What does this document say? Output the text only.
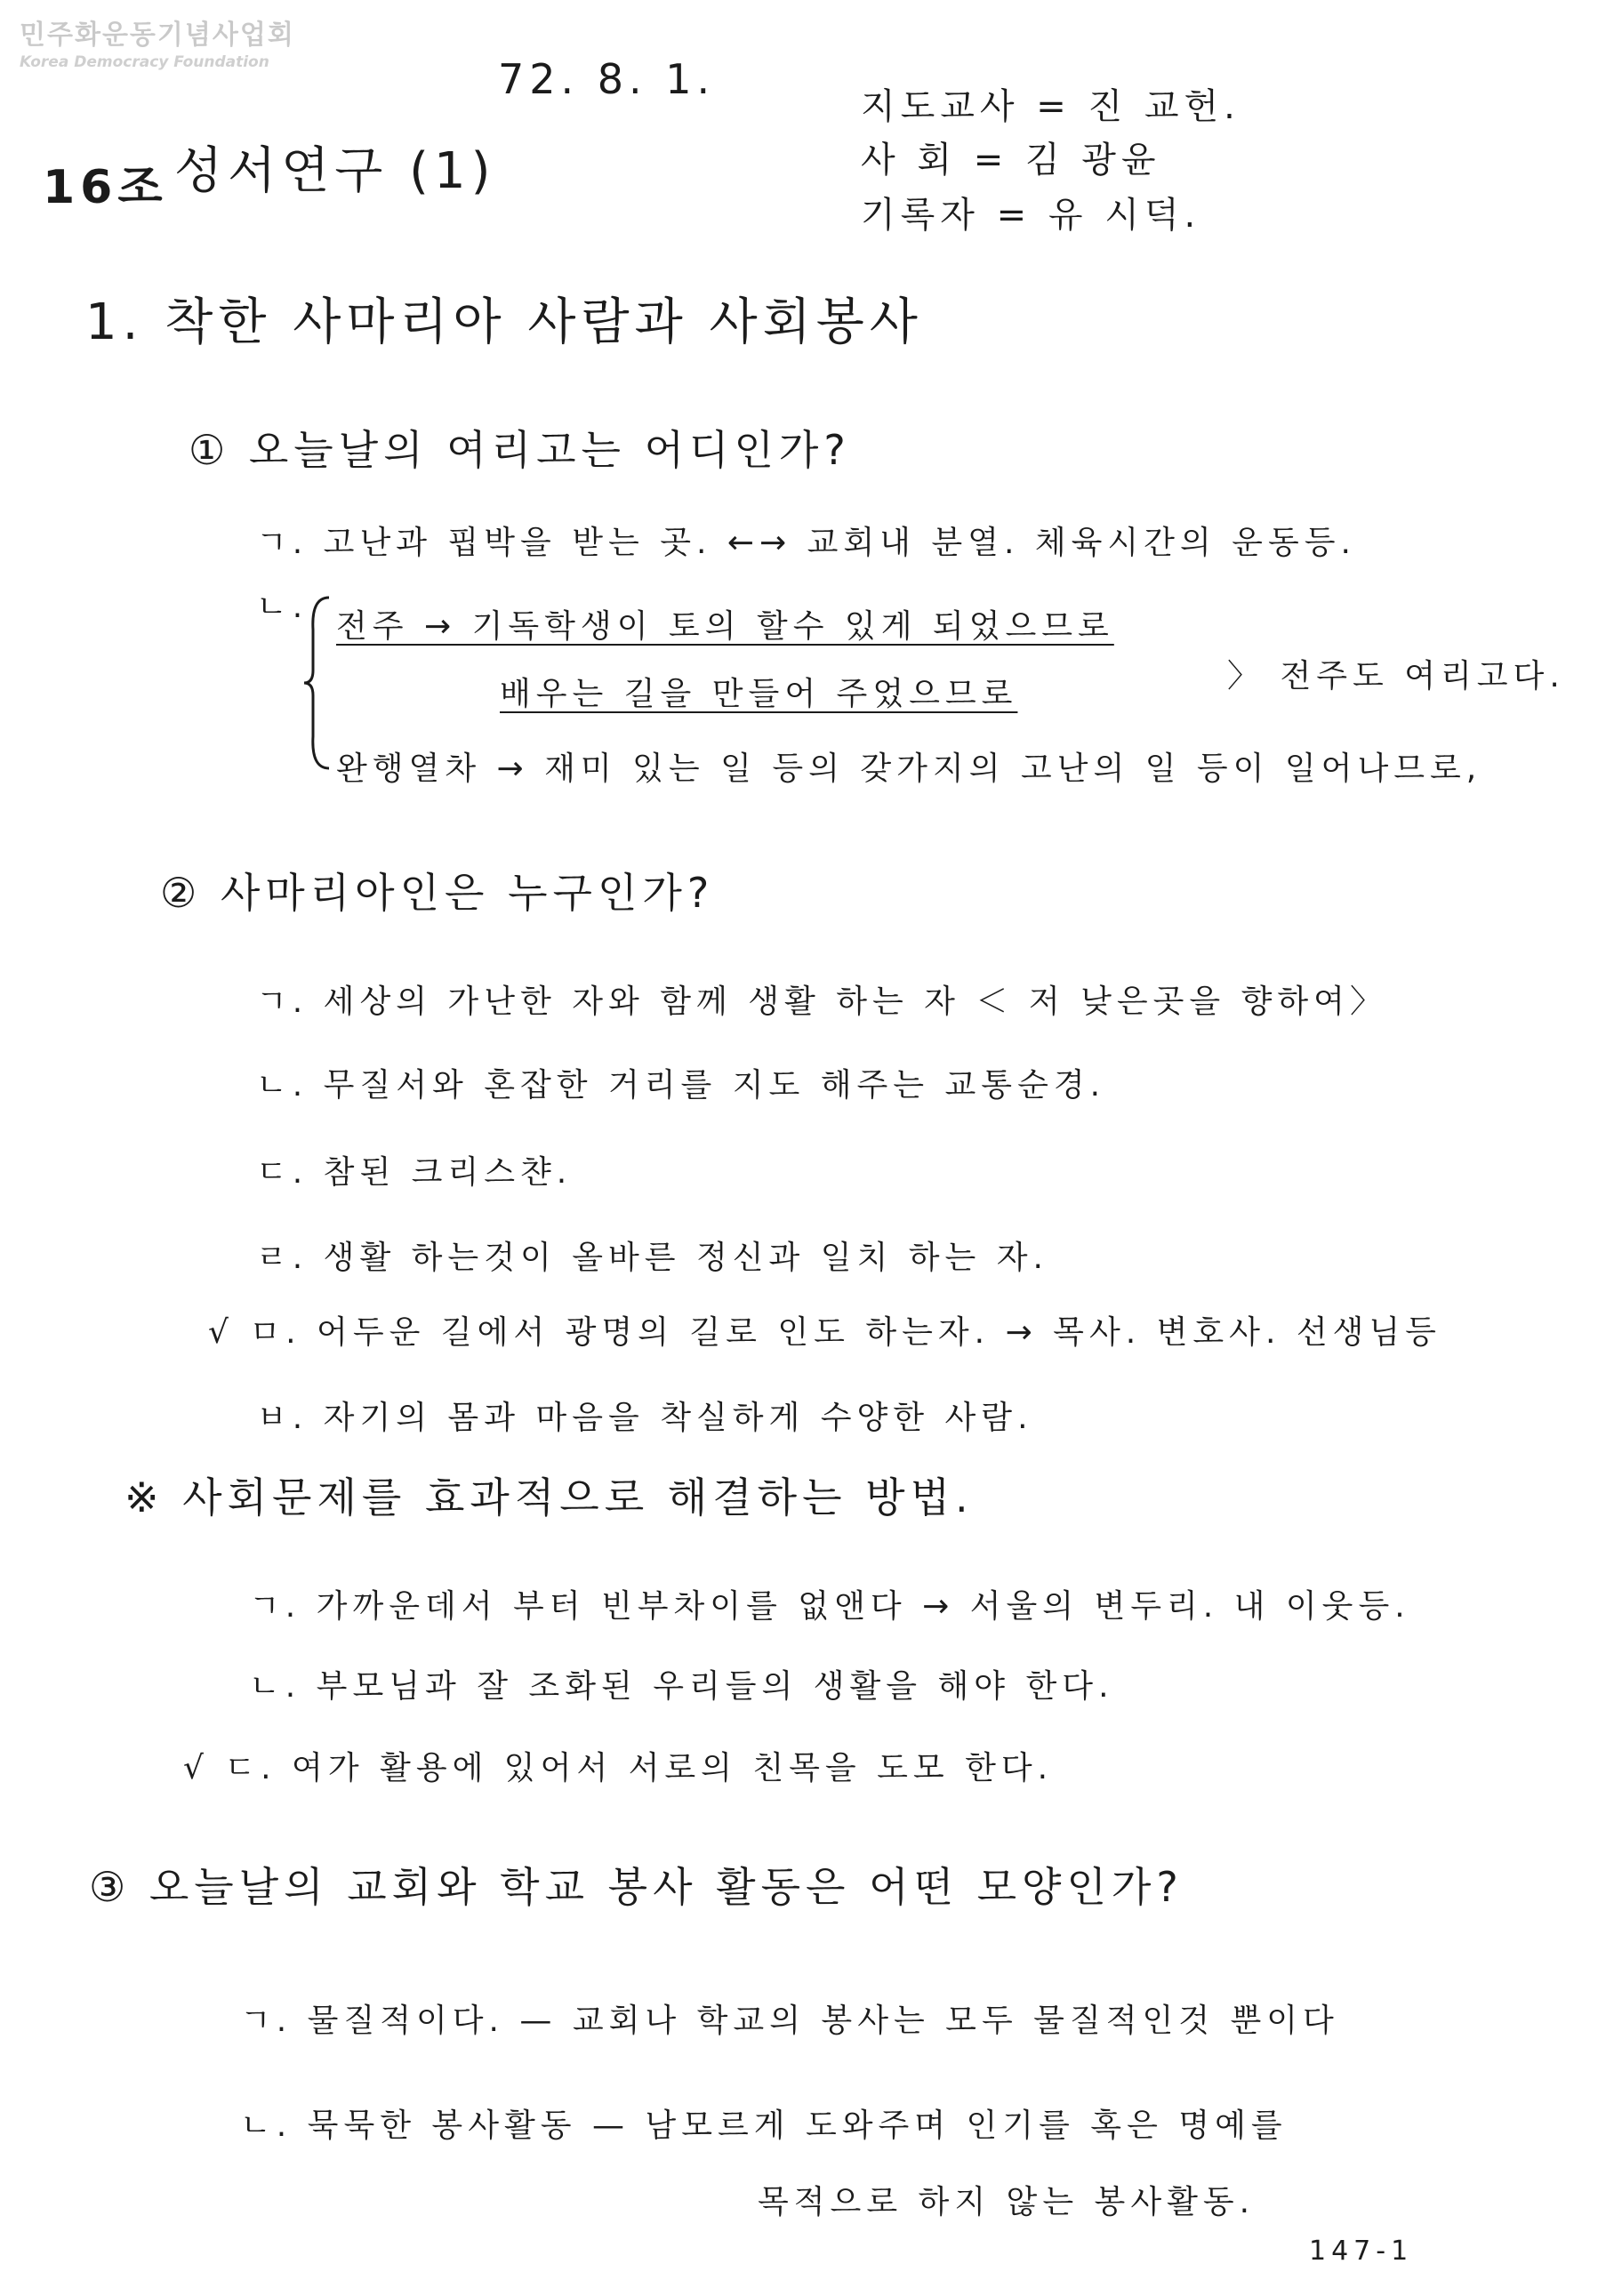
민주화운동기념사업회
Korea Democracy Foundation	72. 8. 1.
16조 성서연구 (1)
지도교사 = 진 교헌.
사 회 = 김 광윤
기록자 = 유 시덕.
1. 착한 사마리아 사람과 사회봉사
① 오늘날의 여리고는 어디인가?
ㄱ. 고난과 핍박을 받는 곳. ←→ 교회내 분열. 체육시간의 운동등.
ㄴ.
전주 → 기독학생이 토의 할수 있게 되었으므로
배우는 길을 만들어 주었으므로	〉 전주도 여리고다.
완행열차 → 재미 있는 일 등의 갖가지의 고난의 일 등이 일어나므로,
② 사마리아인은 누구인가?
ㄱ. 세상의 가난한 자와 함께 생활 하는 자 ＜ 저 낮은곳을 향하여〉
ㄴ. 무질서와 혼잡한 거리를 지도 해주는 교통순경.
ㄷ. 참된 크리스챤.
ㄹ. 생활 하는것이 올바른 정신과 일치 하는 자.
√ ㅁ. 어두운 길에서 광명의 길로 인도 하는자. → 목사. 변호사. 선생님등
ㅂ. 자기의 몸과 마음을 착실하게 수양한 사람.
※ 사회문제를 효과적으로 해결하는 방법.
ㄱ. 가까운데서 부터 빈부차이를 없앤다 → 서울의 변두리. 내 이웃등.
ㄴ. 부모님과 잘 조화된 우리들의 생활을 해야 한다.
√ ㄷ. 여가 활용에 있어서 서로의 친목을 도모 한다.
③ 오늘날의 교회와 학교 봉사 활동은 어떤 모양인가?
ㄱ. 물질적이다. — 교회나 학교의 봉사는 모두 물질적인것 뿐이다
ㄴ. 묵묵한 봉사활동 — 남모르게 도와주며 인기를 혹은 명예를
목적으로 하지 않는 봉사활동.
147-1
